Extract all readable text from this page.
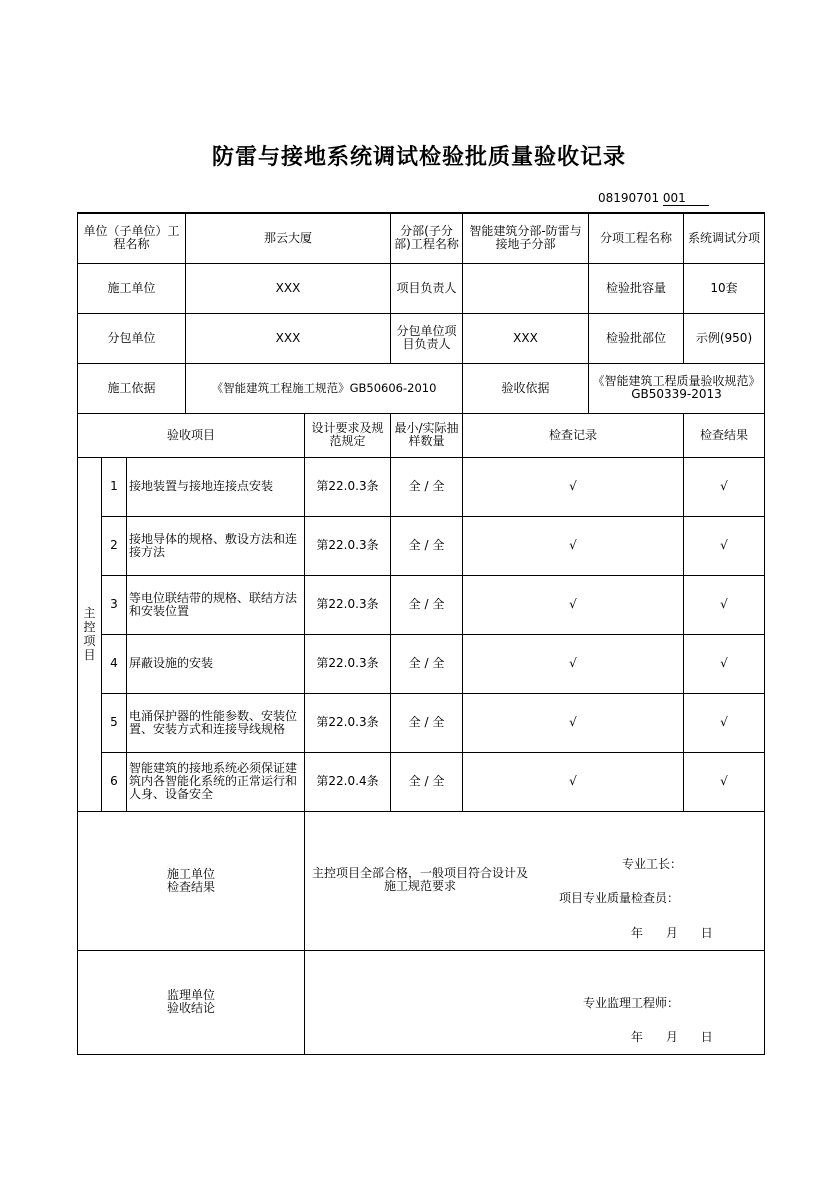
防雷与接地系统调试检验批质量验收记录
08190701 001
单位（子单位）工程名称			那云大厦		分部(子分部)工程名称	智能建筑分部-防雷与接地子分部	分项工程名称	系统调试分项
施工单位			XXX		项目负责人		检验批容量	10套
分包单位			XXX		分包单位项目负责人	XXX	检验批部位	示例(950)
施工依据			《智能建筑工程施工规范》GB50606-2010			验收依据	《智能建筑工程质量验收规范》GB50339-2013	
验收项目				设计要求及规范规定	最小/实际抽样数量	检查记录		检查结果
主控项目	1	接地装置与接地连接点安装		第22.0.3条	全 / 全	√		√
	2	接地导体的规格、敷设方法和连接方法		第22.0.3条	全 / 全	√		√
	3	等电位联结带的规格、联结方法和安装位置		第22.0.3条	全 / 全	√		√
	4	屏蔽设施的安装		第22.0.3条	全 / 全	√		√
	5	电涌保护器的性能参数、安装位置、安装方式和连接导线规格		第22.0.3条	全 / 全	√		√
	6	智能建筑的接地系统必须保证建筑内各智能化系统的正常运行和人身、设备安全		第22.0.4条	全 / 全	√		√
施工单位检查结果				主控项目全部合格，一般项目符合设计及施工规范要求
专业工长：
项目专业质量检查员：
年      月      日				

监理单位验收结论				专业监理工程师：
年      月      日				
